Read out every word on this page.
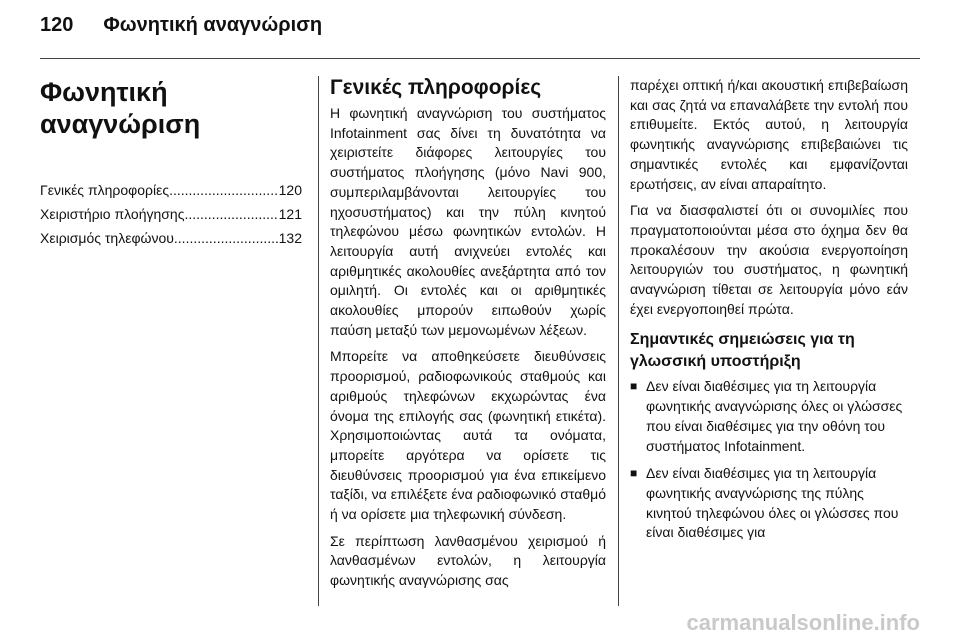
120 Φωνητική αναγνώριση
Φωνητική
αναγνώριση
Γενικές πληροφορίες .....	120
Χειριστήριο πλοήγησης .....	121
Χειρισμός τηλεφώνου .....	132
Γενικές πληροφορίες

Η φωνητική αναγνώριση του συστήματος Infotainment σας δίνει τη δυνατότητα να χειριστείτε διάφορες λειτουργίες του συστήματος πλοήγησης (μόνο Navi 900, συμπεριλαμβάνονται λειτουργίες του ηχοσυστήματος) και την πύλη κινητού τηλεφώνου μέσω φωνητικών εντολών. Η λειτουργία αυτή ανιχνεύει εντολές και αριθμητικές ακολουθίες ανεξάρτητα από τον ομιλητή. Οι εντολές και οι αριθμητικές ακολουθίες μπορούν ειπωθούν χωρίς παύση μεταξύ των μεμονωμένων λέξεων.

Μπορείτε να αποθηκεύσετε διευθύνσεις προορισμού, ραδιοφωνικούς σταθμούς και αριθμούς τηλεφώνων εκχωρώντας ένα όνομα της επιλογής σας (φωνητική ετικέτα). Χρησιμοποιώντας αυτά τα ονόματα, μπορείτε αργότερα να ορίσετε τις διευθύνσεις προορισμού για ένα επικείμενο ταξίδι, να επιλέξετε ένα ραδιοφωνικό σταθμό ή να ορίσετε μια τηλεφωνική σύνδεση.

Σε περίπτωση λανθασμένου χειρισμού ή λανθασμένων εντολών, η λειτουργία φωνητικής αναγνώρισης σας

παρέχει οπτική ή/και ακουστική επιβεβαίωση και σας ζητά να επαναλάβετε την εντολή που επιθυμείτε. Εκτός αυτού, η λειτουργία φωνητικής αναγνώρισης επιβεβαιώνει τις σημαντικές εντολές και εμφανίζονται ερωτήσεις, αν είναι απαραίτητο.

Για να διασφαλιστεί ότι οι συνομιλίες που πραγματοποιούνται μέσα στο όχημα δεν θα προκαλέσουν την ακούσια ενεργοποίηση λειτουργιών του συστήματος, η φωνητική αναγνώριση τίθεται σε λειτουργία μόνο εάν έχει ενεργοποιηθεί πρώτα.

Σημαντικές σημειώσεις για τη γλωσσική υποστήριξη
■ Δεν είναι διαθέσιμες για τη λειτουργία φωνητικής αναγνώρισης όλες οι γλώσσες που είναι διαθέσιμες για την οθόνη του συστήματος Infotainment.
■ Δεν είναι διαθέσιμες για τη λειτουργία φωνητικής αναγνώρισης της πύλης κινητού τηλεφώνου όλες οι γλώσσες που είναι διαθέσιμες για
carmanualsonline.info
